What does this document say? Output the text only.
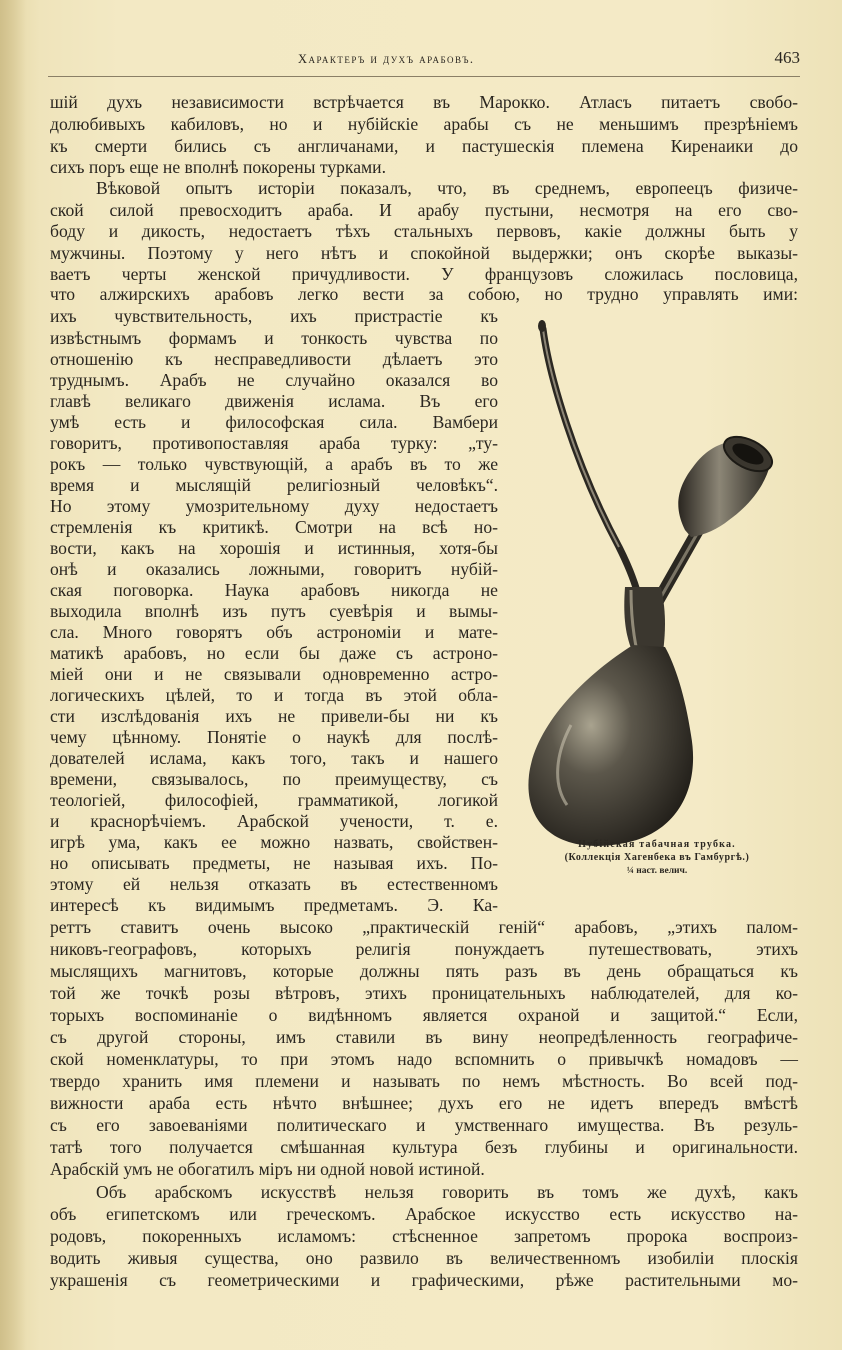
Характеръ и духъ арабовъ.	463
шій духъ независимости встрѣчается въ Марокко. Атласъ питаетъ свобо-
долюбивыхъ кабиловъ, но и нубійскіе арабы съ не меньшимъ презрѣніемъ
къ смерти бились съ англичанами, и пастушескія племена Киренаики до
сихъ поръ еще не вполнѣ покорены турками.
Вѣковой опытъ исторіи показалъ, что, въ среднемъ, европеецъ физиче-
ской силой превосходитъ араба. И арабу пустыни, несмотря на его сво-
боду и дикость, недостаетъ тѣхъ стальныхъ первовъ, какіе должны быть у
мужчины. Поэтому у него нѣтъ и спокойной выдержки; онъ скорѣе выказы-
ваетъ черты женской причудливости. У французовъ сложилась пословица,
что алжирскихъ арабовъ легко вести за собою, но трудно управлять ими:
ихъ чувствительность, ихъ пристрастіе къ
извѣстнымъ формамъ и тонкость чувства по
отношенію къ несправедливости дѣлаетъ это
труднымъ. Арабъ не случайно оказался во
главѣ великаго движенія ислама. Въ его
умѣ есть и философская сила. Вамбери
говоритъ, противопоставляя араба турку: „ту-
рокъ — только чувствующій, а арабъ въ то же
время и мыслящій религіозный человѣкъ“.
Но этому умозрительному духу недостаетъ
стремленія къ критикѣ. Смотри на всѣ но-
вости, какъ на хорошія и истинныя, хотя-бы
онѣ и оказались ложными, говоритъ нубій-
ская поговорка. Наука арабовъ никогда не
выходила вполнѣ изъ путъ суевѣрія и вымы-
сла. Много говорятъ объ астрономіи и мате-
матикѣ арабовъ, но если бы даже съ астроно-
міей они и не связывали одновременно астро-
логическихъ цѣлей, то и тогда въ этой обла-
сти изслѣдованія ихъ не привели-бы ни къ
чему цѣнному. Понятіе о наукѣ для послѣ-
дователей ислама, какъ того, такъ и нашего
времени, связывалось, по преимуществу, съ
теологіей, философіей, грамматикой, логикой
и краснорѣчіемъ. Арабской учености, т. е.
игрѣ ума, какъ ее можно назвать, свойствен-
но описывать предметы, не называя ихъ. По-
этому ей нельзя отказать въ естественномъ
интересѣ къ видимымъ предметамъ. Э. Ка-
реттъ ставитъ очень высоко „практическій геній“ арабовъ, „этихъ палом-
никовъ-географовъ, которыхъ религія понуждаетъ путешествовать, этихъ
мыслящихъ магнитовъ, которые должны пять разъ въ день обращаться къ
той же точкѣ розы вѣтровъ, этихъ проницательныхъ наблюдателей, для ко-
торыхъ воспоминаніе о видѣнномъ является охраной и защитой.“ Если,
съ другой стороны, имъ ставили въ вину неопредѣленность географиче-
ской номенклатуры, то при этомъ надо вспомнить о привычкѣ номадовъ —
твердо хранить имя племени и называть по немъ мѣстность. Во всей под-
вижности араба есть нѣчто внѣшнее; духъ его не идетъ впередъ вмѣстѣ
съ его завоеваніями политическаго и умственнаго имущества. Въ резуль-
татѣ того получается смѣшанная культура безъ глубины и оригинальности.
Арабскій умъ не обогатилъ міръ ни одной новой истиной.
Объ арабскомъ искусствѣ нельзя говорить въ томъ же духѣ, какъ
объ египетскомъ или греческомъ. Арабское искусство есть искусство на-
родовъ, покоренныхъ исламомъ: стѣсненное запретомъ пророка воспроиз-
водить живыя существа, оно развило въ величественномъ изобиліи плоскія
украшенія съ геометрическими и графическими, рѣже растительными мо-
Нубійская табачная трубка.
(Коллекція Хагенбека въ Гамбургѣ.)
¼ наст. велич.
